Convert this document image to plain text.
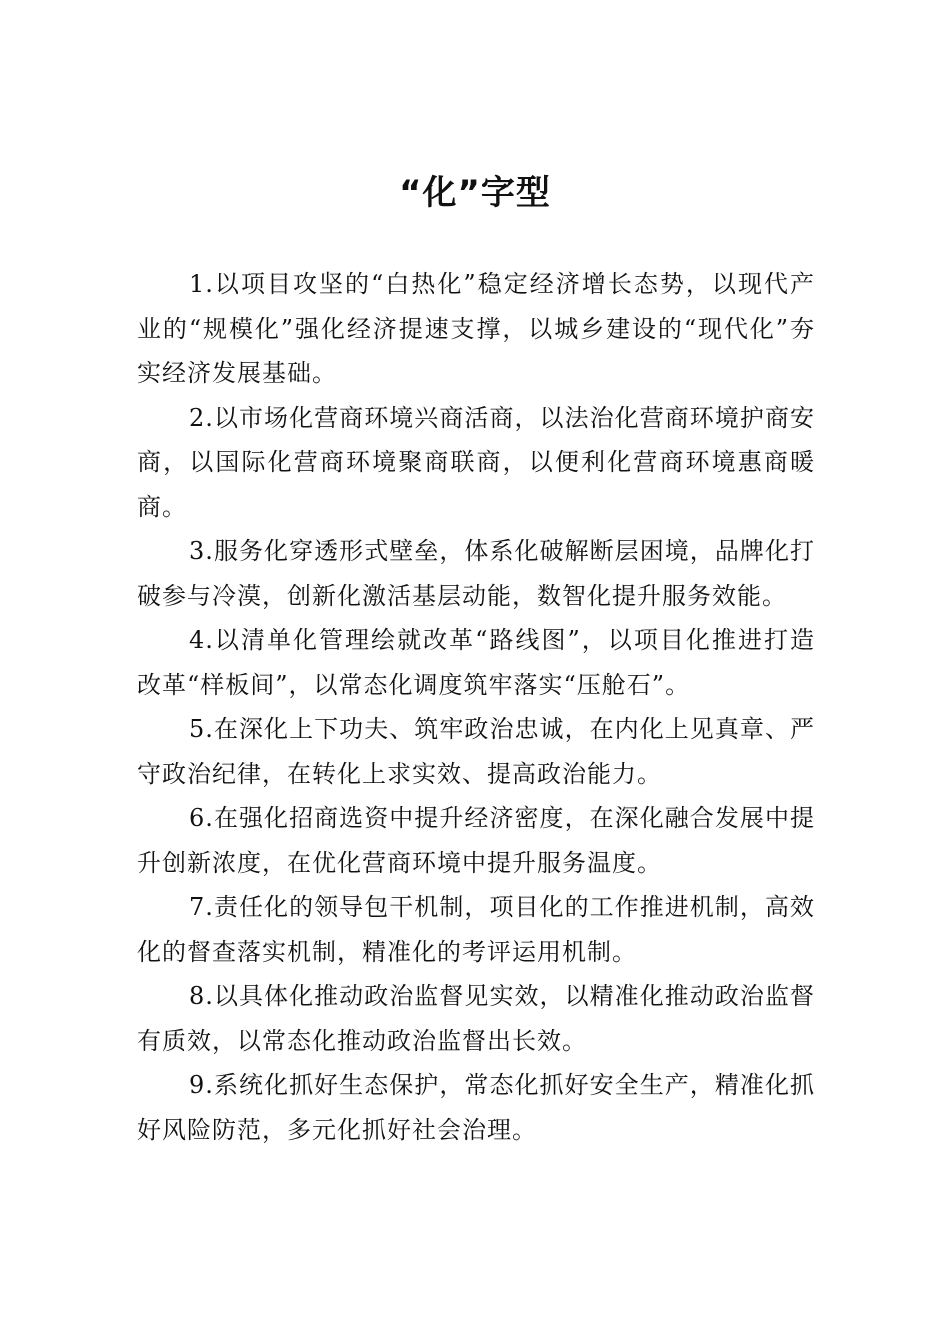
“化”字型

1.以项目攻坚的“白热化”稳定经济增长态势，以现代产业的“规模化”强化经济提速支撑，以城乡建设的“现代化”夯实经济发展基础。

2.以市场化营商环境兴商活商，以法治化营商环境护商安商，以国际化营商环境聚商联商，以便利化营商环境惠商暖商。

3.服务化穿透形式壁垒，体系化破解断层困境，品牌化打破参与冷漠，创新化激活基层动能，数智化提升服务效能。

4.以清单化管理绘就改革“路线图”，以项目化推进打造改革“样板间”，以常态化调度筑牢落实“压舱石”。

5.在深化上下功夫、筑牢政治忠诚，在内化上见真章、严守政治纪律，在转化上求实效、提高政治能力。

6.在强化招商选资中提升经济密度，在深化融合发展中提升创新浓度，在优化营商环境中提升服务温度。

7.责任化的领导包干机制，项目化的工作推进机制，高效化的督查落实机制，精准化的考评运用机制。

8.以具体化推动政治监督见实效，以精准化推动政治监督有质效，以常态化推动政治监督出长效。

9.系统化抓好生态保护，常态化抓好安全生产，精准化抓好风险防范，多元化抓好社会治理。
